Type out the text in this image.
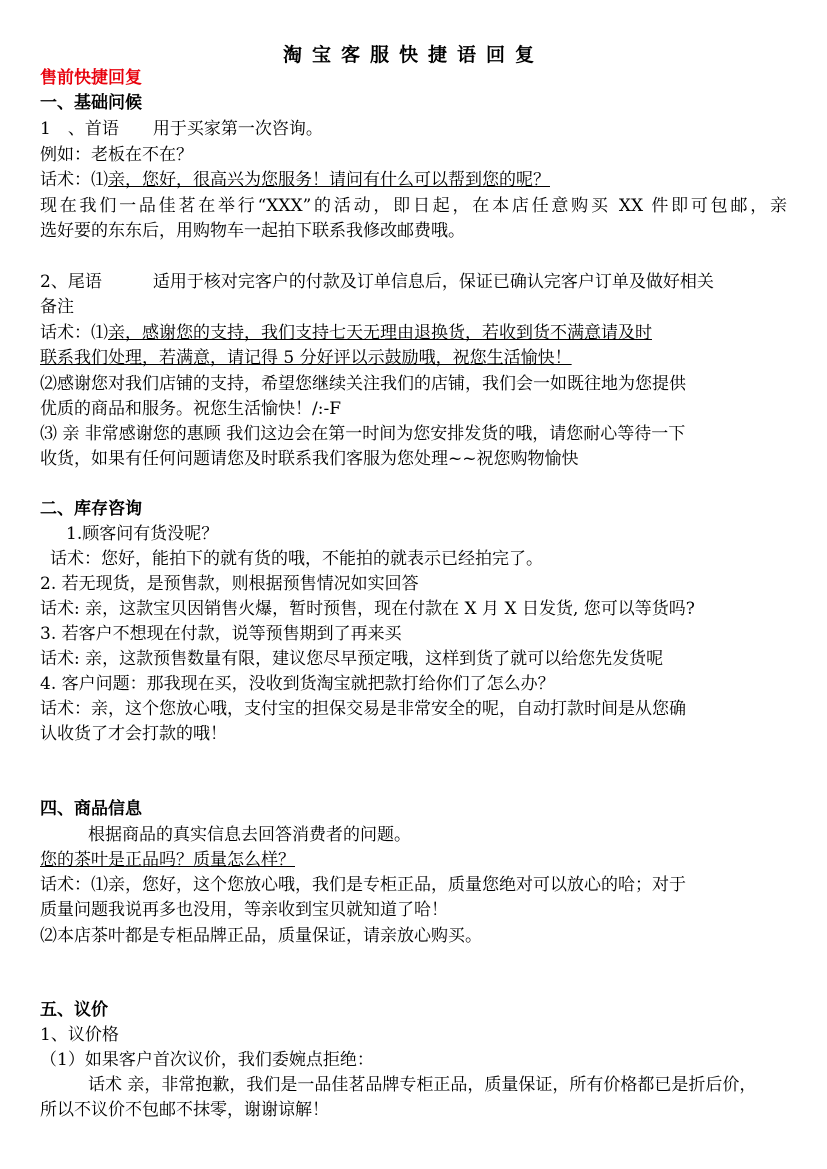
淘宝客服快捷语回复
售前快捷回复
一、基础问候
1　、首语　　用于买家第一次咨询。
例如：老板在不在？
话术：⑴亲，您好，很高兴为您服务！请问有什么可以帮到您的呢？
现在我们一品佳茗在举行“XXX”的活动，即日起，在本店任意购买 XX 件即可包邮，亲
选好要的东东后，用购物车一起拍下联系我修改邮费哦。
2、尾语　　　适用于核对完客户的付款及订单信息后，保证已确认完客户订单及做好相关
备注
话术：⑴亲，感谢您的支持，我们支持七天无理由退换货，若收到货不满意请及时
联系我们处理，若满意，请记得 5 分好评以示鼓励哦，祝您生活愉快！
⑵感谢您对我们店铺的支持，希望您继续关注我们的店铺，我们会一如既往地为您提供
优质的商品和服务。祝您生活愉快！/:-F
⑶ 亲 非常感谢您的惠顾 我们这边会在第一时间为您安排发货的哦，请您耐心等待一下
收货，如果有任何问题请您及时联系我们客服为您处理~~祝您购物愉快
二、库存咨询
1.顾客问有货没呢？
话术：您好，能拍下的就有货的哦，不能拍的就表示已经拍完了。
2. 若无现货，是预售款，则根据预售情况如实回答
话术: 亲，这款宝贝因销售火爆，暂时预售，现在付款在 X 月 X 日发货, 您可以等货吗?
3. 若客户不想现在付款，说等预售期到了再来买
话术: 亲，这款预售数量有限，建议您尽早预定哦，这样到货了就可以给您先发货呢
4. 客户问题：那我现在买，没收到货淘宝就把款打给你们了怎么办？
话术：亲，这个您放心哦，支付宝的担保交易是非常安全的呢，自动打款时间是从您确
认收货了才会打款的哦！
四、商品信息
根据商品的真实信息去回答消费者的问题。
您的茶叶是正品吗？质量怎么样？
话术：⑴亲，您好，这个您放心哦，我们是专柜正品，质量您绝对可以放心的哈；对于
质量问题我说再多也没用，等亲收到宝贝就知道了哈！
⑵本店茶叶都是专柜品牌正品，质量保证，请亲放心购买。
五、议价
1、议价格
（1）如果客户首次议价，我们委婉点拒绝：
话术 亲，非常抱歉，我们是一品佳茗品牌专柜正品，质量保证，所有价格都已是折后价，
所以不议价不包邮不抹零，谢谢谅解！
